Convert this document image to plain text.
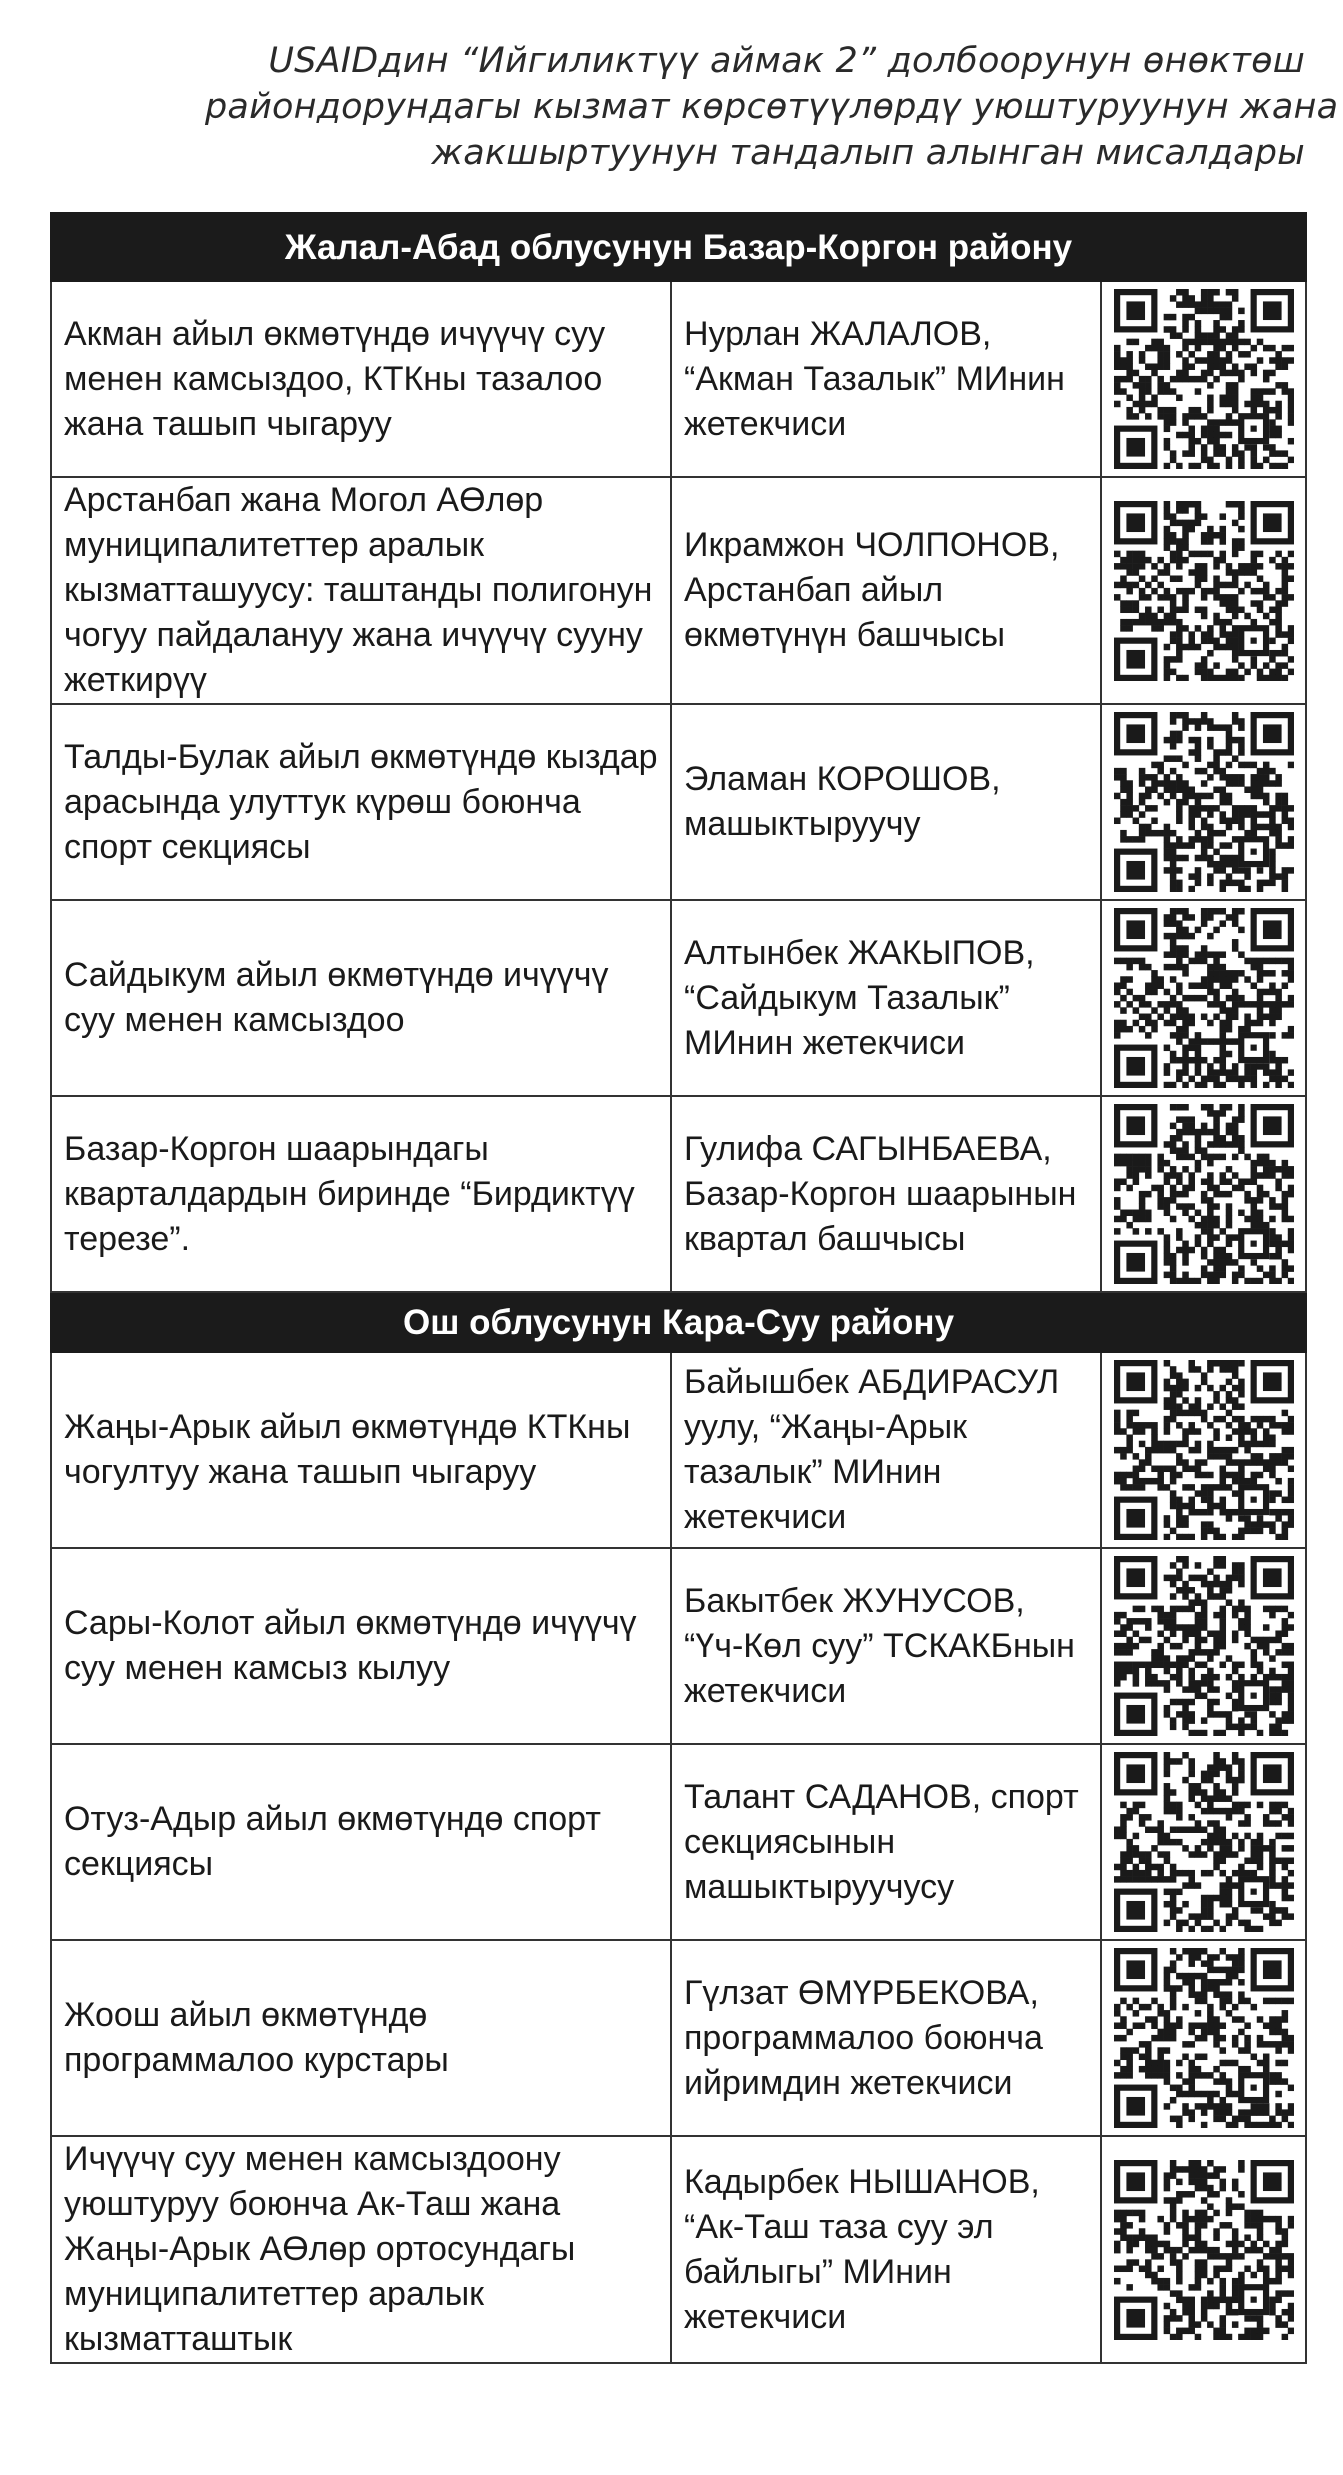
USAIDдин “Ийгиликтүү аймак 2” долбоорунун өнөктөш
райондорундагы кызмат көрсөтүүлөрдү уюштуруунун жана
жакшыртуунун тандалып алынган мисалдары
Жалал-Абад облусунун Базар-Коргон району		
Акман айыл өкмөтүндө ичүүчү суу менен камсыздоо, КТКны тазалоо жана ташып чыгаруу	Нурлан ЖАЛАЛОВ, “Акман Тазалык” МИнин жетекчиси	

Арстанбап жана Могол АӨлөр муниципалитеттер аралык кызматташуусу: таштанды полигонун чогуу пайдалануу жана ичүүчү сууну жеткирүү	Икрамжон ЧОЛПОНОВ, Арстанбап айыл өкмөтүнүн башчысы	

Талды-Булак айыл өкмөтүндө кыздар арасында улуттук күрөш боюнча спорт секциясы	Эламан КОРОШОВ, машыктыруучу	

Сайдыкум айыл өкмөтүндө ичүүчү суу менен камсыздоо	Алтынбек ЖАКЫПОВ, “Сайдыкум Тазалык” МИнин жетекчиси	

Базар-Коргон шаарындагы кварталдардын биринде “Бирдиктүү терезе”.	Гулифа САГЫНБАЕВА, Базар-Коргон шаарынын квартал башчысы	

Ош облусунун Кара-Суу району		
Жаңы-Арык айыл өкмөтүндө КТКны чогултуу жана ташып чыгаруу	Байышбек АБДИРАСУЛ уулу, “Жаңы-Арык тазалык” МИнин жетекчиси	

Сары-Колот айыл өкмөтүндө ичүүчү суу менен камсыз кылуу	Бакытбек ЖУНУСОВ, “Үч-Көл суу” ТСКАКБнын жетекчиси	

Отуз-Адыр айыл өкмөтүндө спорт секциясы	Талант САДАНОВ, спорт секциясынын машыктыруучусу	

Жоош айыл өкмөтүндө программалоо курстары	Гүлзат ӨМҮРБЕКОВА, программалоо боюнча ийримдин жетекчиси	

Ичүүчү суу менен камсыздоону уюштуруу боюнча Ак-Таш жана Жаңы-Арык АӨлөр ортосундагы муниципалитеттер аралык кызматташтык	Кадырбек НЫШАНОВ, “Ак-Таш таза суу эл байлыгы” МИнин жетекчиси	
